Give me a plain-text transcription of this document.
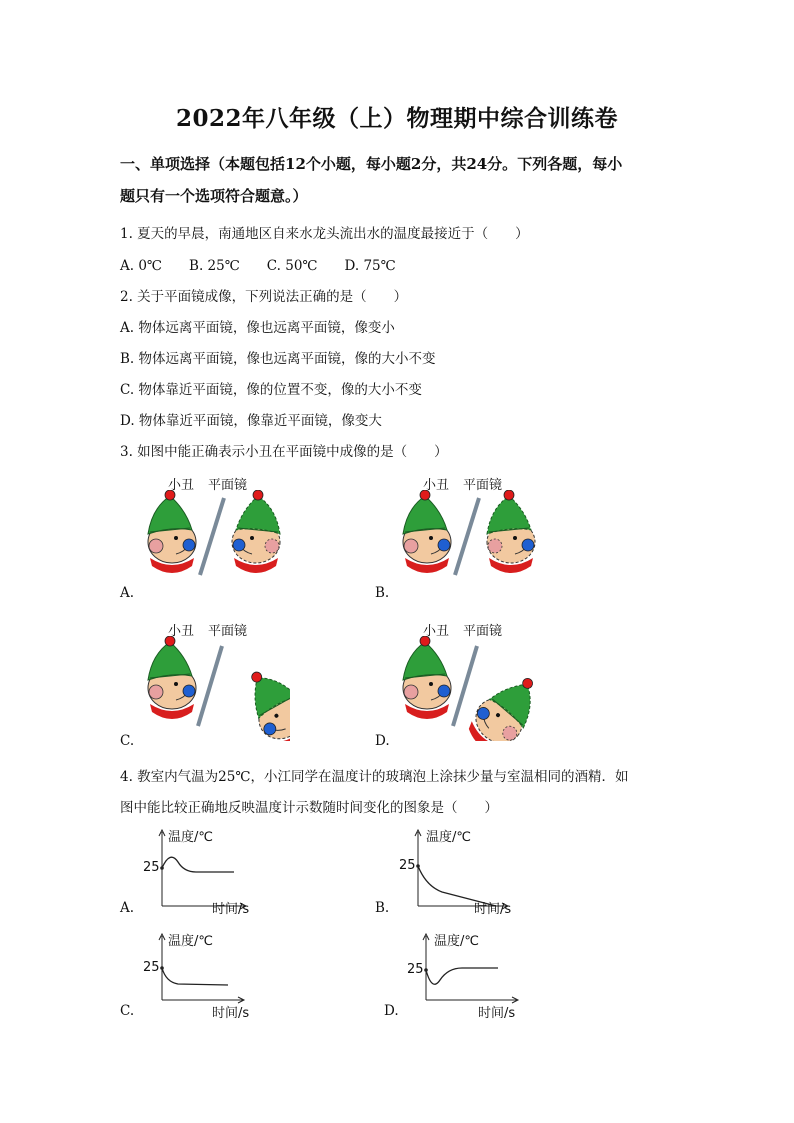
2022年八年级（上）物理期中综合训练卷
一、单项选择（本题包括12个小题，每小题2分，共24分。下列各题，每小
题只有一个选项符合题意。）
1. 夏天的早晨，南通地区自来水龙头流出水的温度最接近于（　　）
A. 0℃　　B. 25℃　　C. 50℃　　D. 75℃
2. 关于平面镜成像，下列说法正确的是（　　）
A. 物体远离平面镜，像也远离平面镜，像变小
B. 物体远离平面镜，像也远离平面镜，像的大小不变
C. 物体靠近平面镜，像的位置不变，像的大小不变
D. 物体靠近平面镜，像靠近平面镜，像变大
3. 如图中能正确表示小丑在平面镜中成像的是（　　）
小丑 平面镜
A.
小丑 平面镜
B.
小丑 平面镜
C.
小丑 平面镜
D.
4. 教室内气温为25℃，小江同学在温度计的玻璃泡上涂抹少量与室温相同的酒精．如
图中能比较正确地反映温度计示数随时间变化的图象是（　　）
温度/℃
25
时间/s
A.
温度/℃
25
时间/s
B.
温度/℃
25
时间/s
C.
温度/℃
25
时间/s
D.
